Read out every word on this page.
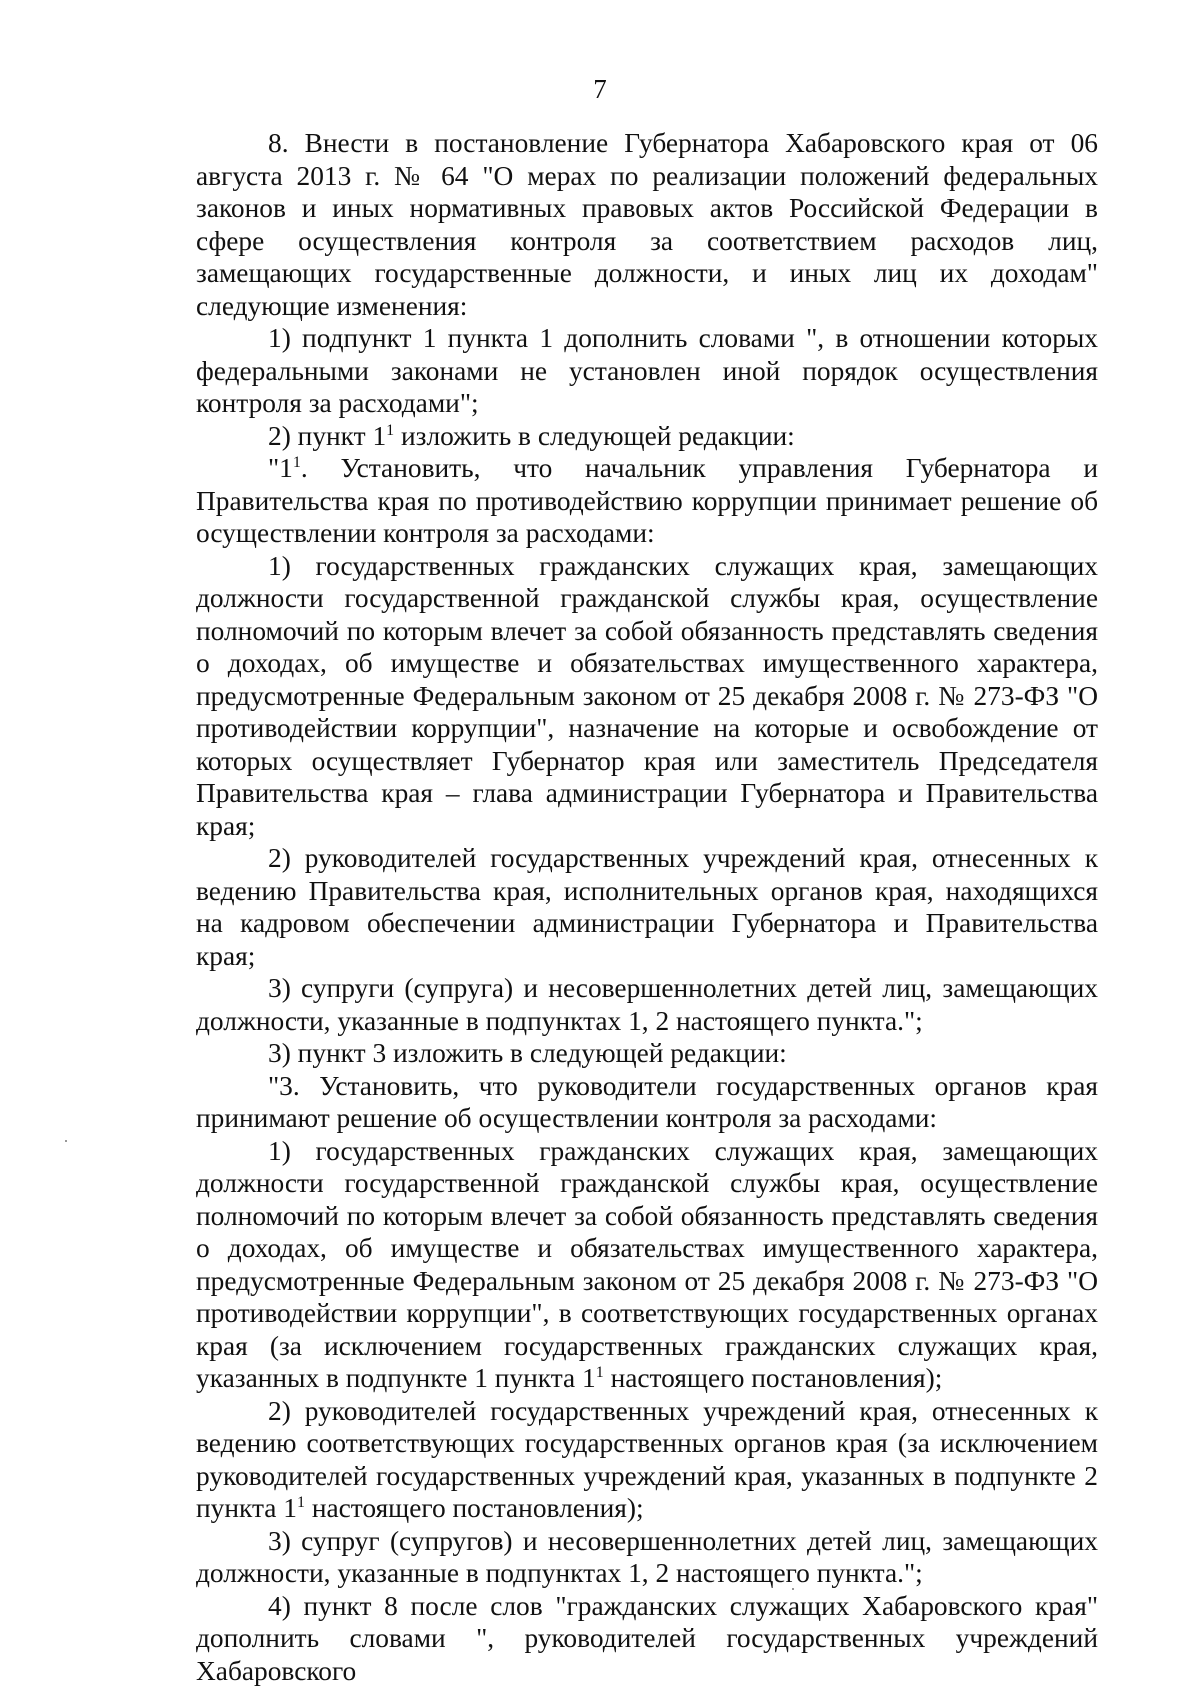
7

8. Внести в постановление Губернатора Хабаровского края от 06 августа 2013 г. № 64 "О мерах по реализации положений федеральных законов и иных нормативных правовых актов Российской Федерации в сфере осуществления контроля за соответствием расходов лиц, замещающих государственные должности, и иных лиц их доходам" следующие изменения:

1) подпункт 1 пункта 1 дополнить словами ", в отношении которых федеральными законами не установлен иной порядок осуществления контроля за расходами";

2) пункт $1^1$ изложить в следующей редакции:

"$1^1$. Установить, что начальник управления Губернатора и Правительства края по противодействию коррупции принимает решение об осуществлении контроля за расходами:

1) государственных гражданских служащих края, замещающих должности государственной гражданской службы края, осуществление полномочий по которым влечет за собой обязанность представлять сведения о доходах, об имуществе и обязательствах имущественного характера, предусмотренные Федеральным законом от 25 декабря 2008 г. № 273-ФЗ "О противодействии коррупции", назначение на которые и освобождение от которых осуществляет Губернатор края или заместитель Председателя Правительства края – глава администрации Губернатора и Правительства края;

2) руководителей государственных учреждений края, отнесенных к ведению Правительства края, исполнительных органов края, находящихся на кадровом обеспечении администрации Губернатора и Правительства края;

3) супруги (супруга) и несовершеннолетних детей лиц, замещающих должности, указанные в подпунктах 1, 2 настоящего пункта.";

3) пункт 3 изложить в следующей редакции:

"3. Установить, что руководители государственных органов края принимают решение об осуществлении контроля за расходами:

1) государственных гражданских служащих края, замещающих должности государственной гражданской службы края, осуществление полномочий по которым влечет за собой обязанность представлять сведения о доходах, об имуществе и обязательствах имущественного характера, предусмотренные Федеральным законом от 25 декабря 2008 г. № 273-ФЗ "О противодействии коррупции", в соответствующих государственных органах края (за исключением государственных гражданских служащих края, указанных в подпункте 1 пункта $1^1$ настоящего постановления);

2) руководителей государственных учреждений края, отнесенных к ведению соответствующих государственных органов края (за исключением руководителей государственных учреждений края, указанных в подпункте 2 пункта $1^1$ настоящего постановления);

3) супруг (супругов) и несовершеннолетних детей лиц, замещающих должности, указанные в подпунктах 1, 2 настоящего пункта.";

4) пункт 8 после слов "гражданских служащих Хабаровского края" дополнить словами ", руководителей государственных учреждений Хабаровского
